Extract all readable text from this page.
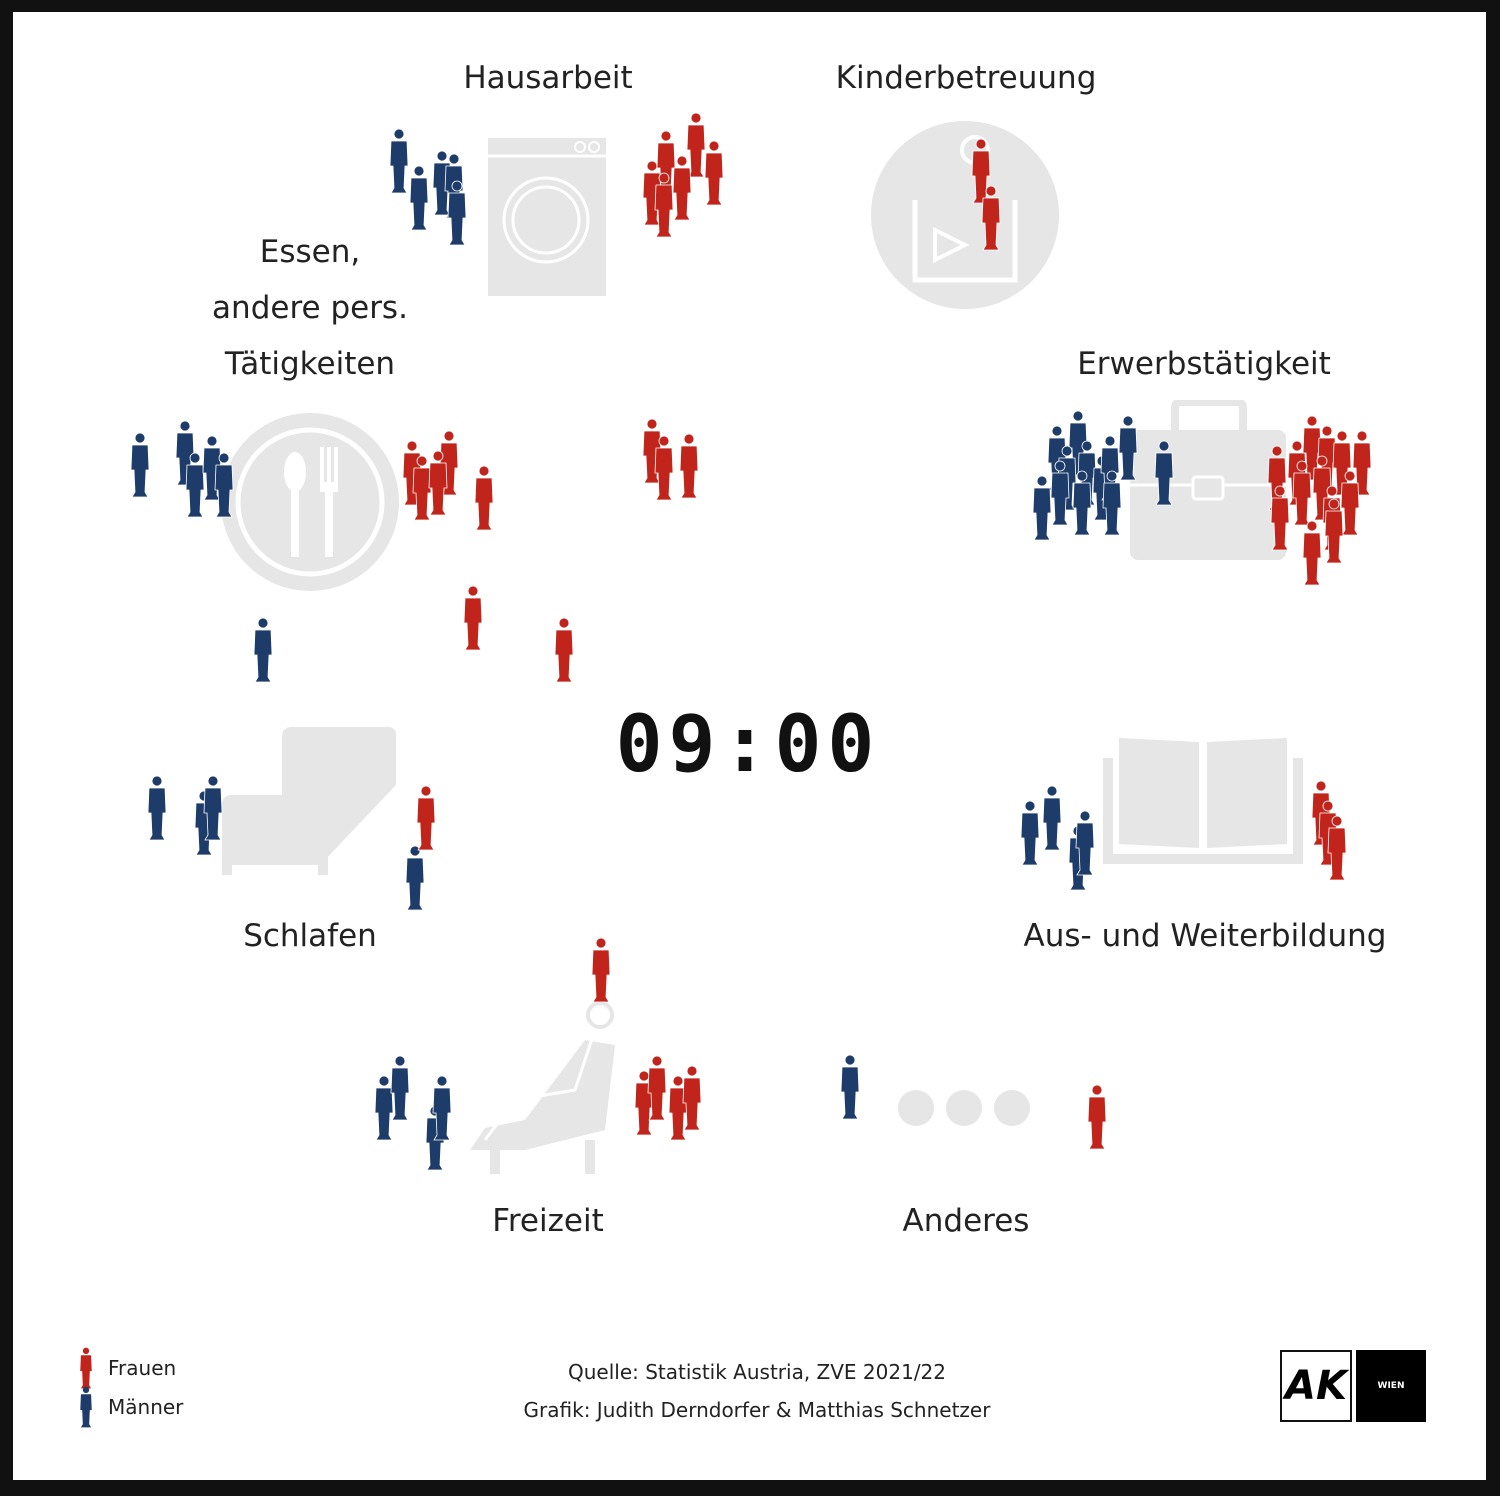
Hausarbeit	Kinderbetreuung
Essen,
andere pers.
Tätigkeiten	Erwerbstätigkeit
Schlafen	Aus- und Weiterbildung
Freizeit	Anderes
09:00
Frauen
Männer
Quelle: Statistik Austria, ZVE 2021/22
Grafik: Judith Derndorfer & Matthias Schnetzer
AK	WIEN
